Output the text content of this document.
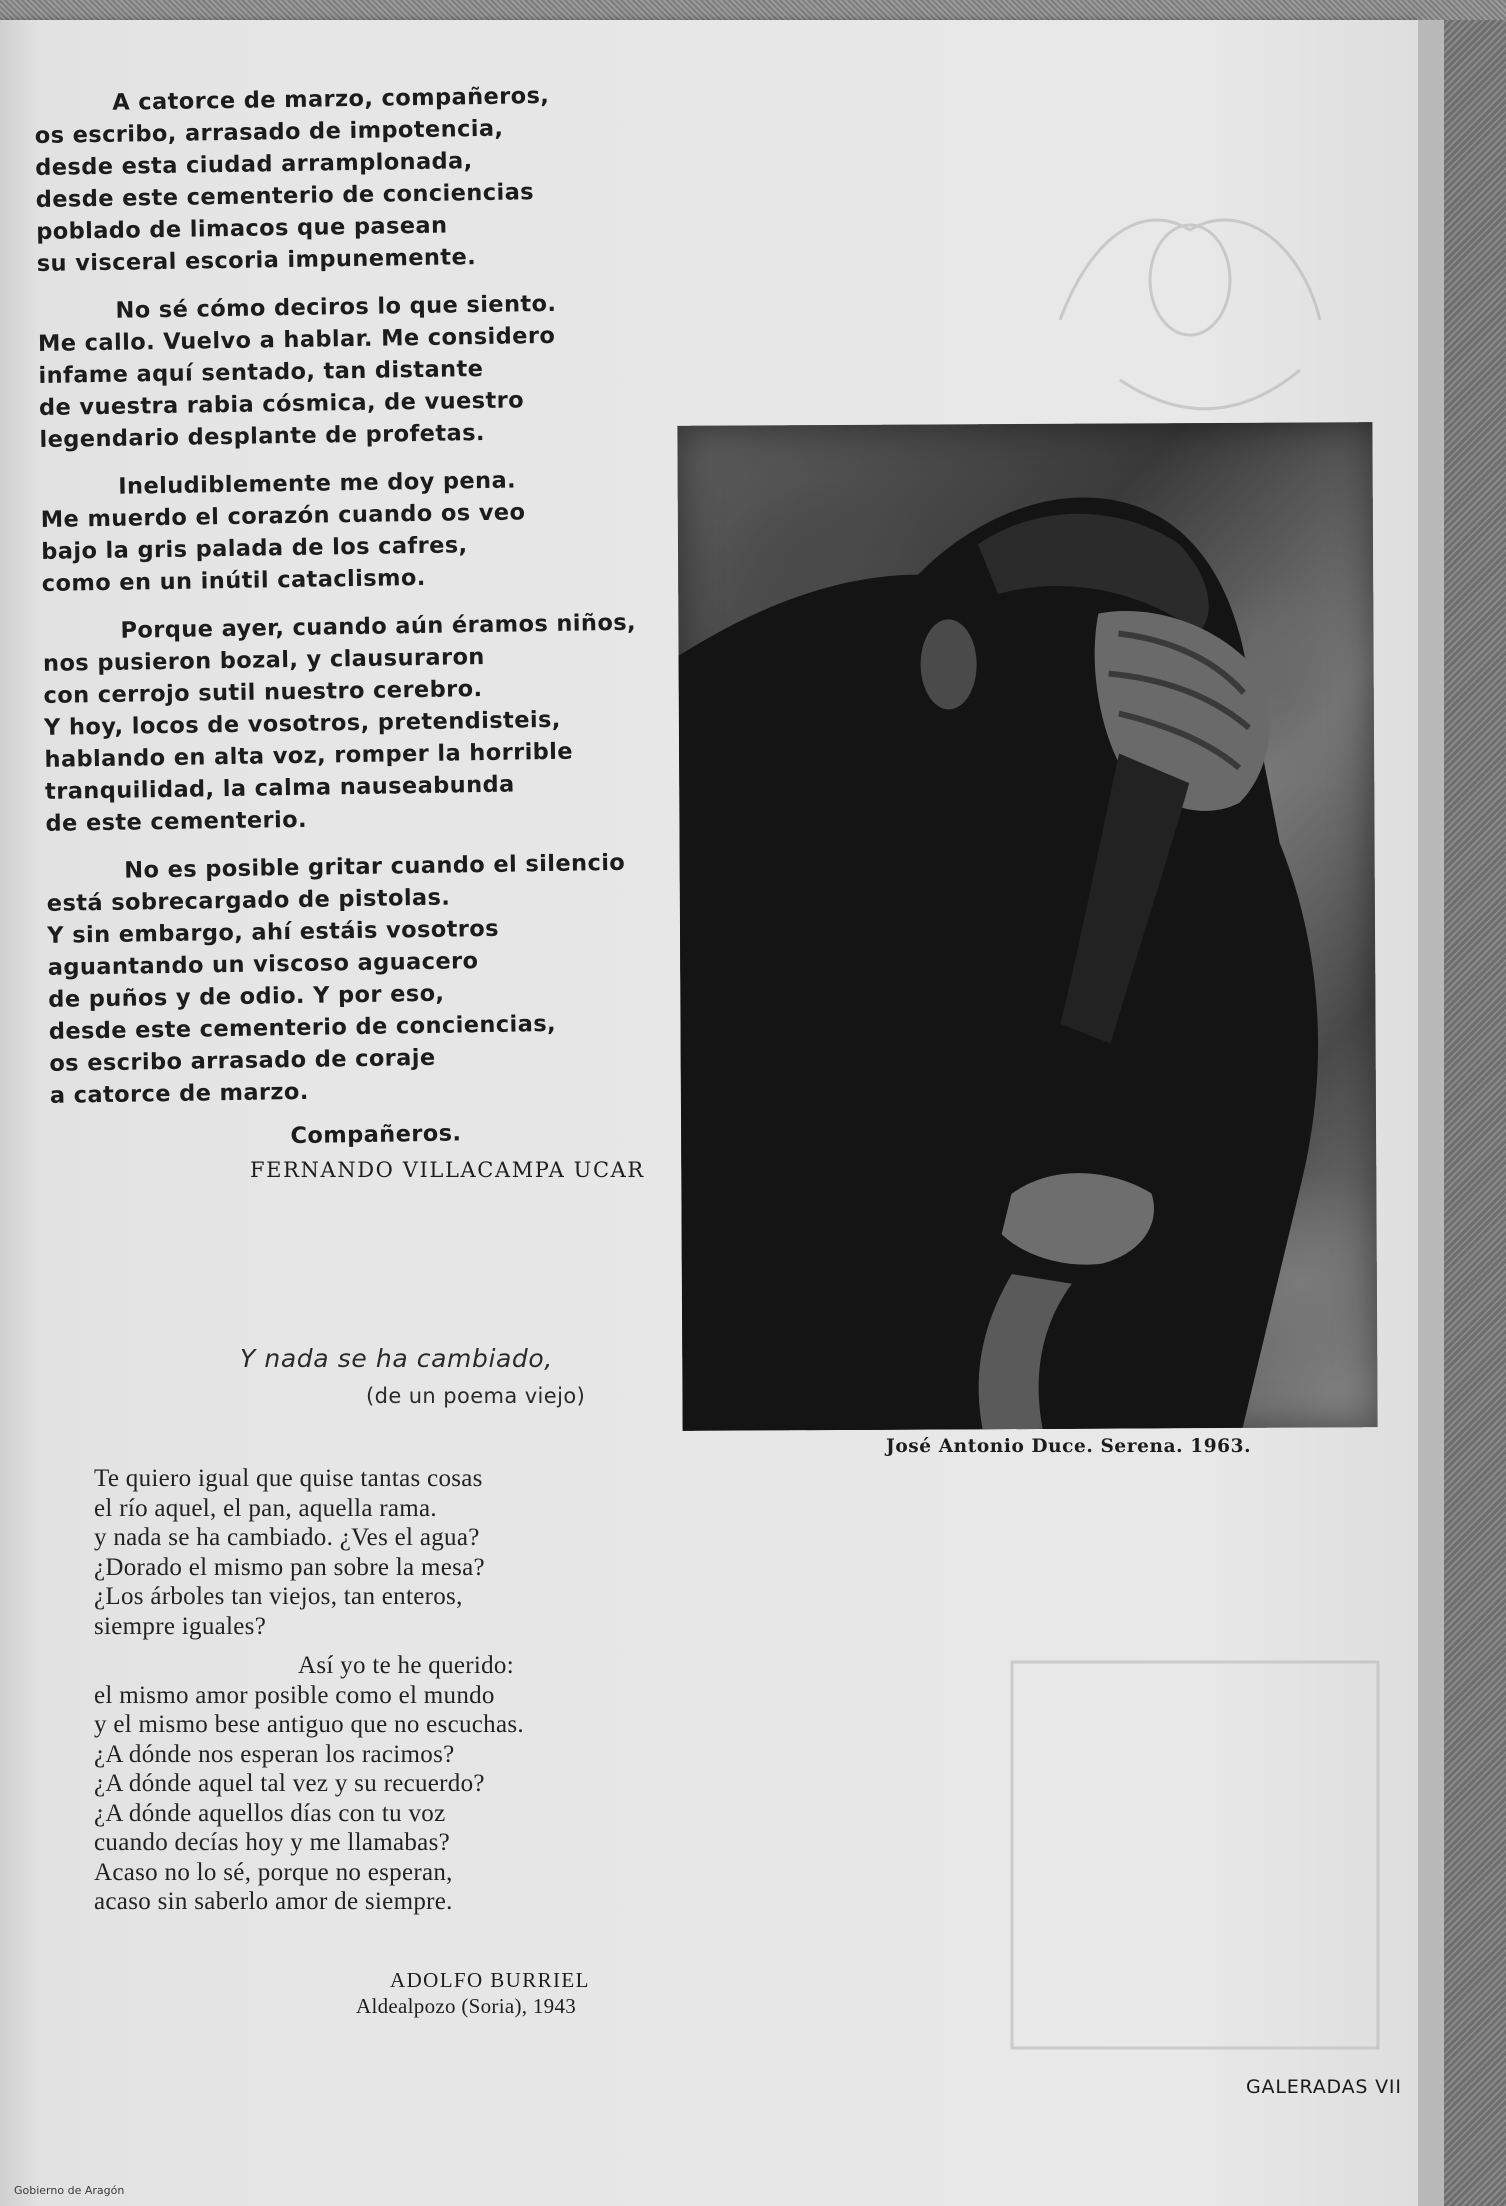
A catorce de marzo, compañeros,
os escribo, arrasado de impotencia,
desde esta ciudad arramplonada,
desde este cementerio de conciencias
poblado de limacos que pasean
su visceral escoria impunemente.
No sé cómo deciros lo que siento.
Me callo. Vuelvo a hablar. Me considero
infame aquí sentado, tan distante
de vuestra rabia cósmica, de vuestro
legendario desplante de profetas.
Ineludiblemente me doy pena.
Me muerdo el corazón cuando os veo
bajo la gris palada de los cafres,
como en un inútil cataclismo.
Porque ayer, cuando aún éramos niños,
nos pusieron bozal, y clausuraron
con cerrojo sutil nuestro cerebro.
Y hoy, locos de vosotros, pretendisteis,
hablando en alta voz, romper la horrible
tranquilidad, la calma nauseabunda
de este cementerio.
No es posible gritar cuando el silencio
está sobrecargado de pistolas.
Y sin embargo, ahí estáis vosotros
aguantando un viscoso aguacero
de puños y de odio. Y por eso,
desde este cementerio de conciencias,
os escribo arrasado de coraje
a catorce de marzo.
Compañeros.
FERNANDO VILLACAMPA UCAR
José Antonio Duce. Serena. 1963.
Y nada se ha cambiado,
(de un poema viejo)
Te quiero igual que quise tantas cosas
el río aquel, el pan, aquella rama.
y nada se ha cambiado. ¿Ves el agua?
¿Dorado el mismo pan sobre la mesa?
¿Los árboles tan viejos, tan enteros,
siempre iguales?
Así yo te he querido:
el mismo amor posible como el mundo
y el mismo bese antiguo que no escuchas.
¿A dónde nos esperan los racimos?
¿A dónde aquel tal vez y su recuerdo?
¿A dónde aquellos días con tu voz
cuando decías hoy y me llamabas?
Acaso no lo sé, porque no esperan,
acaso sin saberlo amor de siempre.
ADOLFO BURRIEL
Aldealpozo (Soria), 1943
GALERADAS VII
Gobierno de Aragón
